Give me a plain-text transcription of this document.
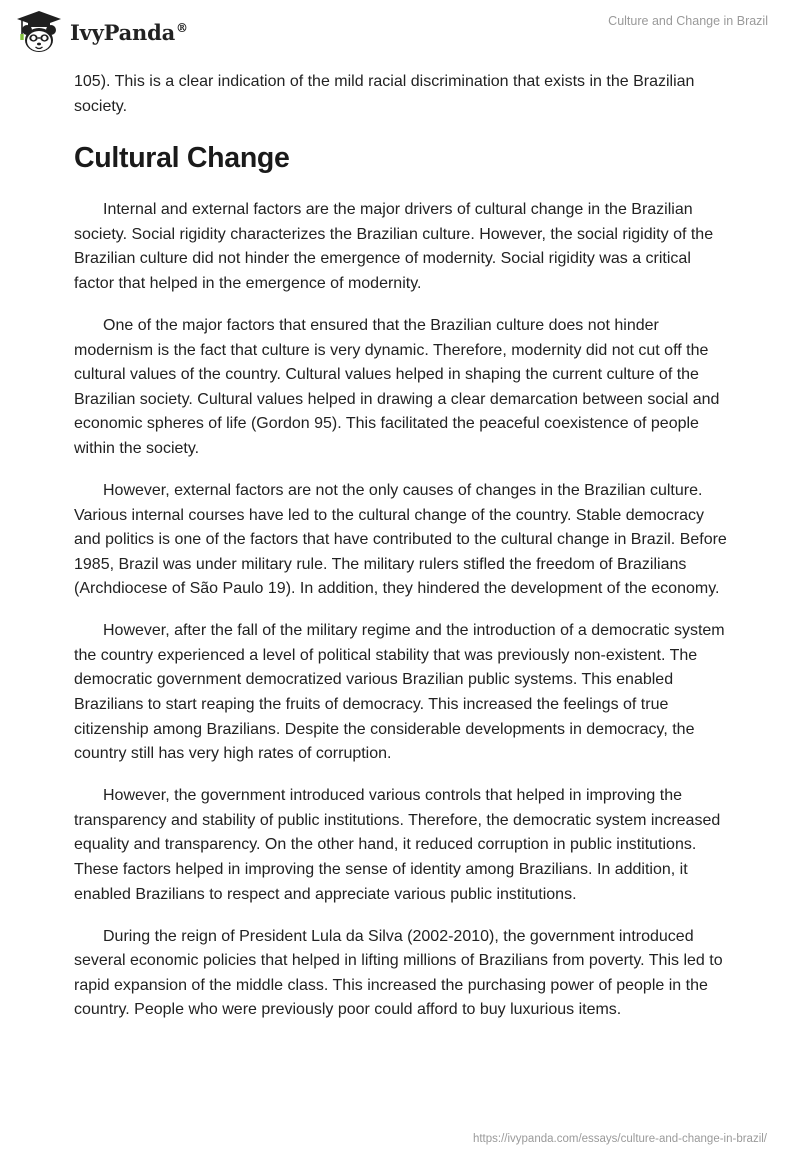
IvyPanda®	Culture and Change in Brazil

105). This is a clear indication of the mild racial discrimination that exists in the Brazilian society.

Cultural Change

Internal and external factors are the major drivers of cultural change in the Brazilian society. Social rigidity characterizes the Brazilian culture. However, the social rigidity of the Brazilian culture did not hinder the emergence of modernity. Social rigidity was a critical factor that helped in the emergence of modernity.

One of the major factors that ensured that the Brazilian culture does not hinder modernism is the fact that culture is very dynamic. Therefore, modernity did not cut off the cultural values of the country. Cultural values helped in shaping the current culture of the Brazilian society. Cultural values helped in drawing a clear demarcation between social and economic spheres of life (Gordon 95). This facilitated the peaceful coexistence of people within the society.

However, external factors are not the only causes of changes in the Brazilian culture. Various internal courses have led to the cultural change of the country. Stable democracy and politics is one of the factors that have contributed to the cultural change in Brazil. Before 1985, Brazil was under military rule. The military rulers stifled the freedom of Brazilians (Archdiocese of São Paulo 19). In addition, they hindered the development of the economy.

However, after the fall of the military regime and the introduction of a democratic system the country experienced a level of political stability that was previously non-existent. The democratic government democratized various Brazilian public systems. This enabled Brazilians to start reaping the fruits of democracy. This increased the feelings of true citizenship among Brazilians. Despite the considerable developments in democracy, the country still has very high rates of corruption.

However, the government introduced various controls that helped in improving the transparency and stability of public institutions. Therefore, the democratic system increased equality and transparency. On the other hand, it reduced corruption in public institutions. These factors helped in improving the sense of identity among Brazilians. In addition, it enabled Brazilians to respect and appreciate various public institutions.

During the reign of President Lula da Silva (2002-2010), the government introduced several economic policies that helped in lifting millions of Brazilians from poverty. This led to rapid expansion of the middle class. This increased the purchasing power of people in the country. People who were previously poor could afford to buy luxurious items.

https://ivypanda.com/essays/culture-and-change-in-brazil/
